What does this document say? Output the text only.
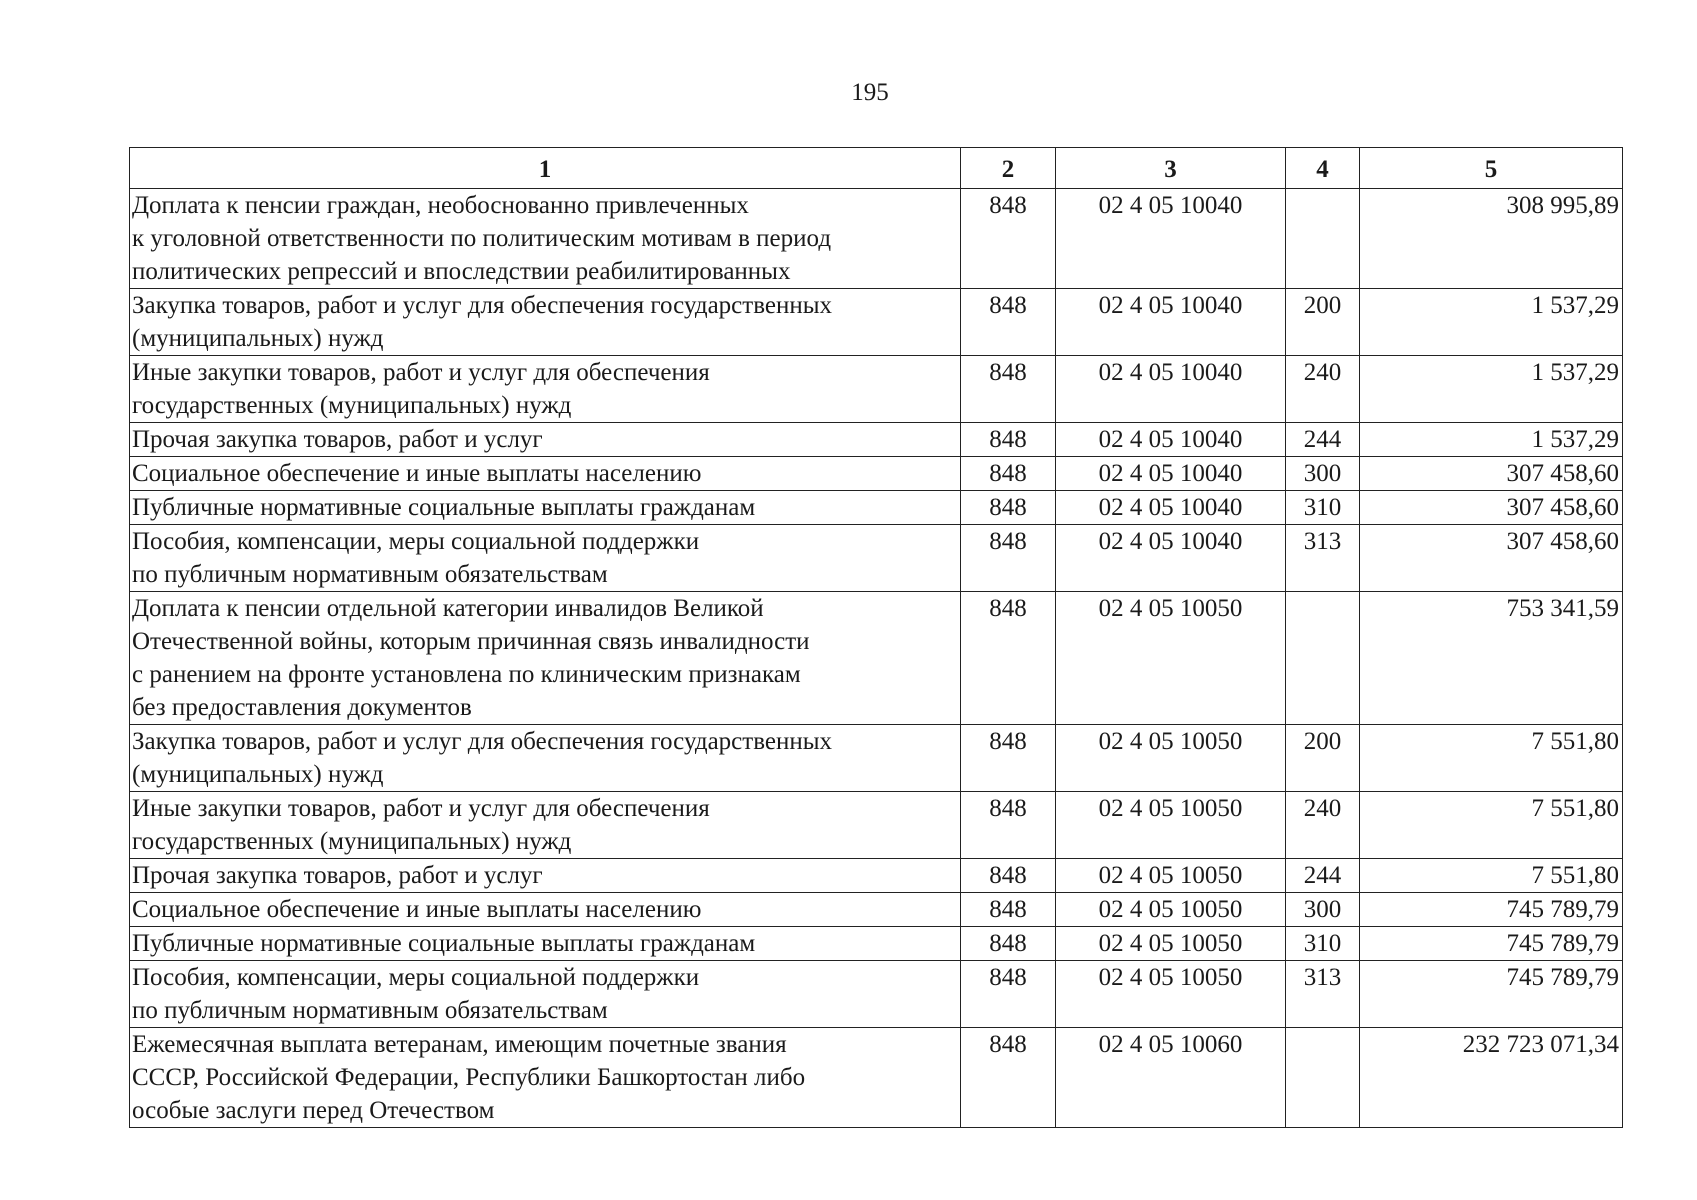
195
1	2	3	4	5

Доплата к пенсии граждан, необоснованно привлеченных
к уголовной ответственности по политическим мотивам в период
политических репрессий и впоследствии реабилитированных	848	02 4 05 10040		308 995,89

Закупка товаров, работ и услуг для обеспечения государственных
(муниципальных) нужд	848	02 4 05 10040	200	1 537,29

Иные закупки товаров, работ и услуг для обеспечения
государственных (муниципальных) нужд	848	02 4 05 10040	240	1 537,29

Прочая закупка товаров, работ и услуг	848	02 4 05 10040	244	1 537,29

Социальное обеспечение и иные выплаты населению	848	02 4 05 10040	300	307 458,60

Публичные нормативные социальные выплаты гражданам	848	02 4 05 10040	310	307 458,60

Пособия, компенсации, меры социальной поддержки
по публичным нормативным обязательствам	848	02 4 05 10040	313	307 458,60

Доплата к пенсии отдельной категории инвалидов Великой
Отечественной войны, которым причинная связь инвалидности
с ранением на фронте установлена по клиническим признакам
без предоставления документов	848	02 4 05 10050		753 341,59

Закупка товаров, работ и услуг для обеспечения государственных
(муниципальных) нужд	848	02 4 05 10050	200	7 551,80

Иные закупки товаров, работ и услуг для обеспечения
государственных (муниципальных) нужд	848	02 4 05 10050	240	7 551,80

Прочая закупка товаров, работ и услуг	848	02 4 05 10050	244	7 551,80

Социальное обеспечение и иные выплаты населению	848	02 4 05 10050	300	745 789,79

Публичные нормативные социальные выплаты гражданам	848	02 4 05 10050	310	745 789,79

Пособия, компенсации, меры социальной поддержки
по публичным нормативным обязательствам	848	02 4 05 10050	313	745 789,79

Ежемесячная выплата ветеранам, имеющим почетные звания
СССР, Российской Федерации, Республики Башкортостан либо
особые заслуги перед Отечеством	848	02 4 05 10060		232 723 071,34
